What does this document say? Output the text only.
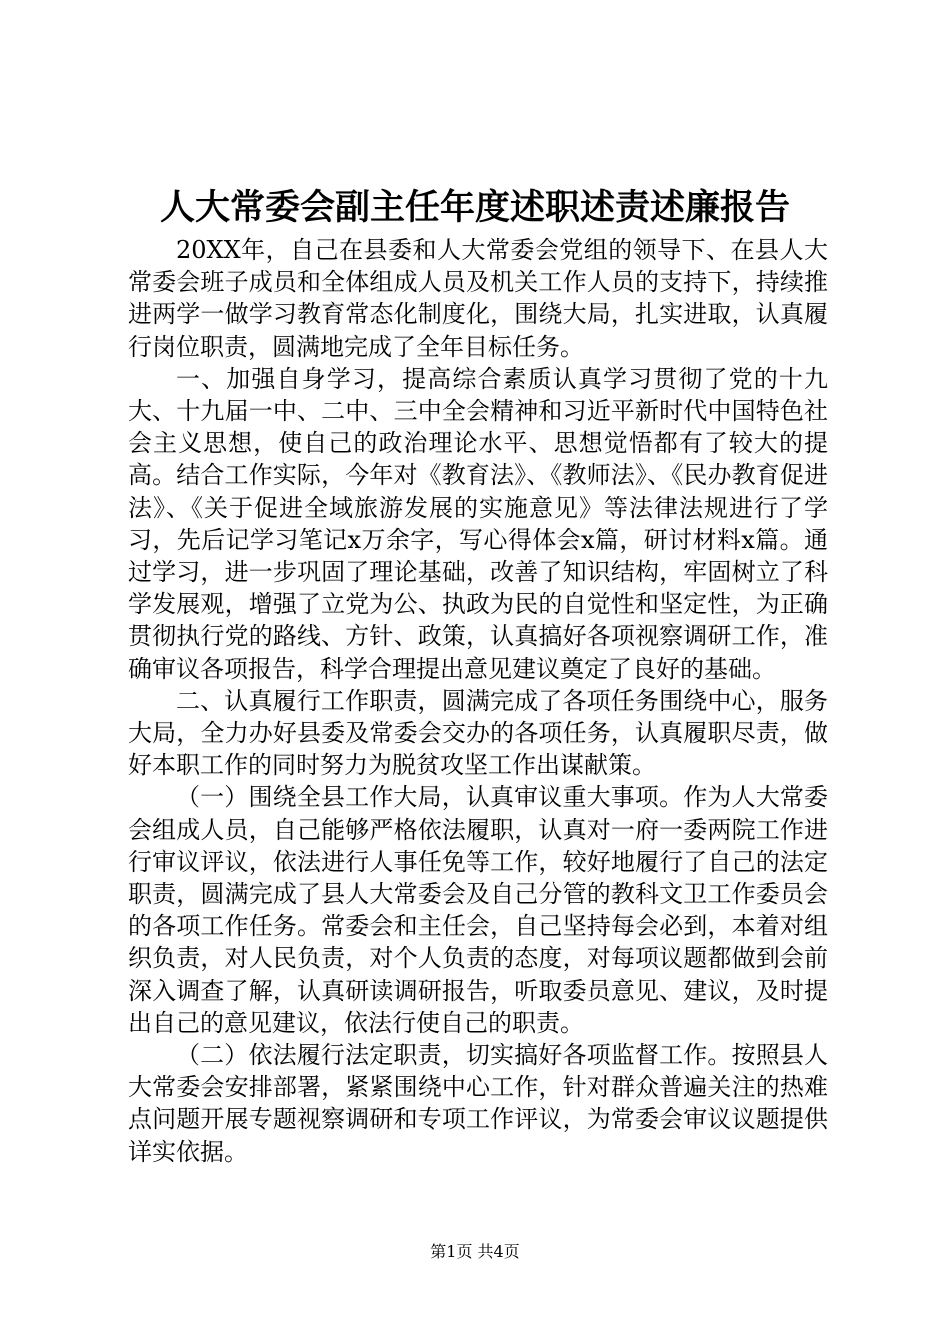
人大常委会副主任年度述职述责述廉报告

20XX年，自己在县委和人大常委会党组的领导下、在县人大常委会班子成员和全体组成人员及机关工作人员的支持下，持续推进两学一做学习教育常态化制度化，围绕大局，扎实进取，认真履行岗位职责，圆满地完成了全年目标任务。

一、加强自身学习，提高综合素质认真学习贯彻了党的十九大、十九届一中、二中、三中全会精神和习近平新时代中国特色社会主义思想，使自己的政治理论水平、思想觉悟都有了较大的提高。结合工作实际，今年对《教育法》、《教师法》、《民办教育促进法》、《关于促进全域旅游发展的实施意见》等法律法规进行了学习，先后记学习笔记x万余字，写心得体会x篇，研讨材料x篇。通过学习，进一步巩固了理论基础，改善了知识结构，牢固树立了科学发展观，增强了立党为公、执政为民的自觉性和坚定性，为正确贯彻执行党的路线、方针、政策，认真搞好各项视察调研工作，准确审议各项报告，科学合理提出意见建议奠定了良好的基础。

二、认真履行工作职责，圆满完成了各项任务围绕中心，服务大局，全力办好县委及常委会交办的各项任务，认真履职尽责，做好本职工作的同时努力为脱贫攻坚工作出谋献策。

（一）围绕全县工作大局，认真审议重大事项。作为人大常委会组成人员，自己能够严格依法履职，认真对一府一委两院工作进行审议评议，依法进行人事任免等工作，较好地履行了自己的法定职责，圆满完成了县人大常委会及自己分管的教科文卫工作委员会的各项工作任务。常委会和主任会，自己坚持每会必到，本着对组织负责，对人民负责，对个人负责的态度，对每项议题都做到会前深入调查了解，认真研读调研报告，听取委员意见、建议，及时提出自己的意见建议，依法行使自己的职责。

（二）依法履行法定职责，切实搞好各项监督工作。按照县人大常委会安排部署，紧紧围绕中心工作，针对群众普遍关注的热难点问题开展专题视察调研和专项工作评议，为常委会审议议题提供详实依据。

第1页 共4页
